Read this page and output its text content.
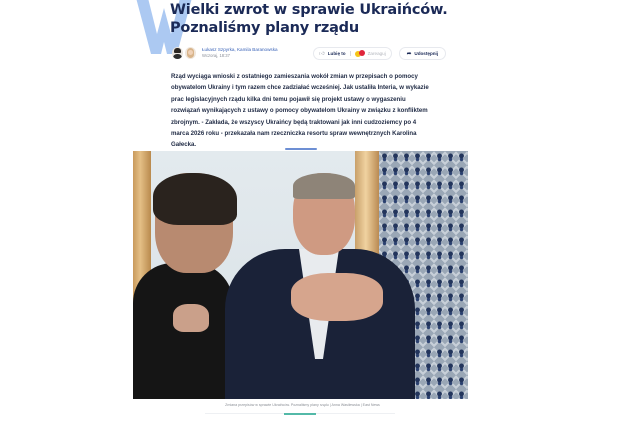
Wielki zwrot w sprawie Ukraińców. Poznaliśmy plany rządu
Łukasz Szpyrka, Kamila Baranowska
Wczoraj, 18:37	👍︎ Lubię to	Zareaguj	➦ Udostępnij

Rząd wyciąga wnioski z ostatniego zamieszania wokół zmian w przepisach o pomocy obywatelom Ukrainy i tym razem chce zadziałać wcześniej. Jak ustaliła Interia, w wykazie prac legislacyjnych rządu kilka dni temu pojawił się projekt ustawy o wygaszeniu rozwiązań wynikających z ustawy o pomocy obywatelom Ukrainy w związku z konfliktem zbrojnym. - Zakłada, że wszyscy Ukraińcy będą traktowani jak inni cudzoziemcy po 4 marca 2026 roku - przekazała nam rzeczniczka resortu spraw wewnętrznych Karolina Gałecka.

Zmiana przepisów w sprawie Ukraińców. Poznaliśmy plany rządu | Anna Wasilewska | East News
